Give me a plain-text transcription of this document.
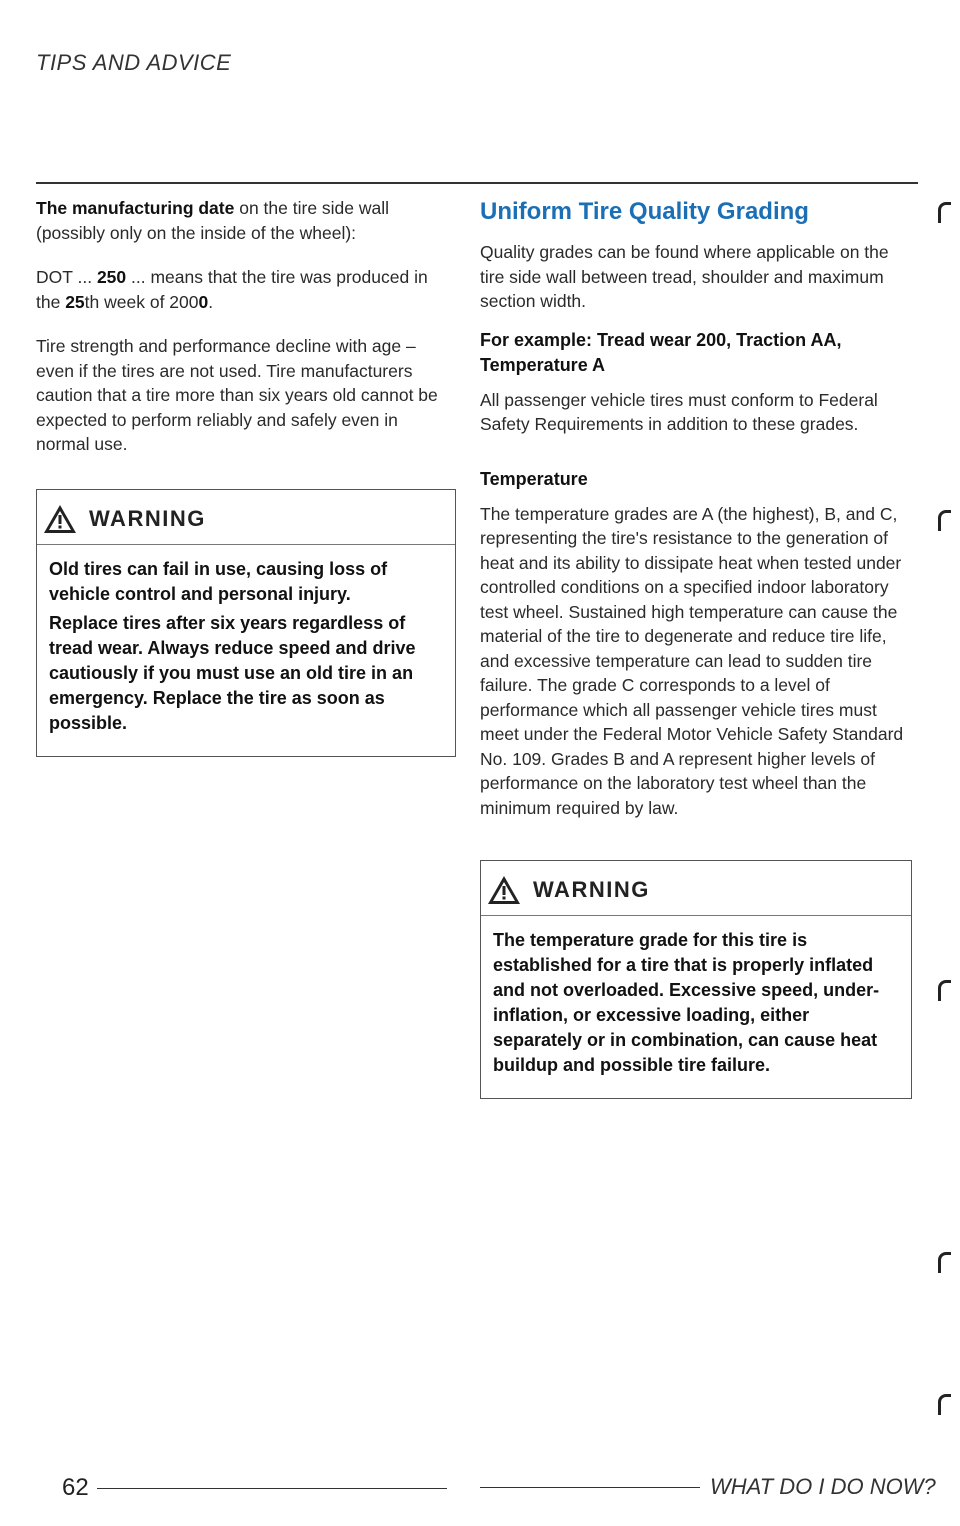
TIPS AND ADVICE

The manufacturing date on the tire side wall (possibly only on the inside of the wheel):

DOT ... 250 ... means that the tire was produced in the 25th week of 2000.

Tire strength and performance decline with age – even if the tires are not used. Tire manufacturers caution that a tire more than six years old cannot be expected to perform reliably and safely even in normal use.

WARNING

Old tires can fail in use, causing loss of vehicle control and personal injury.

Replace tires after six years regardless of tread wear. Always reduce speed and drive cautiously if you must use an old tire in an emergency. Replace the tire as soon as possible.

Uniform Tire Quality Grading

Quality grades can be found where applicable on the tire side wall between tread, shoulder and maximum section width.

For example: Tread wear 200, Traction AA, Temperature A

All passenger vehicle tires must conform to Federal Safety Requirements in addition to these grades.

Temperature

The temperature grades are A (the highest), B, and C, representing the tire's resistance to the generation of heat and its ability to dissipate heat when tested under controlled conditions on a specified indoor laboratory test wheel. Sustained high temperature can cause the material of the tire to degenerate and reduce tire life, and excessive temperature can lead to sudden tire failure. The grade C corresponds to a level of performance which all passenger vehicle tires must meet under the Federal Motor Vehicle Safety Standard No. 109. Grades B and A represent higher levels of performance on the laboratory test wheel than the minimum required by law.

WARNING

The temperature grade for this tire is established for a tire that is properly inflated and not overloaded. Excessive speed, under-inflation, or excessive loading, either separately or in combination, can cause heat buildup and possible tire failure.

62	WHAT DO I DO NOW?
